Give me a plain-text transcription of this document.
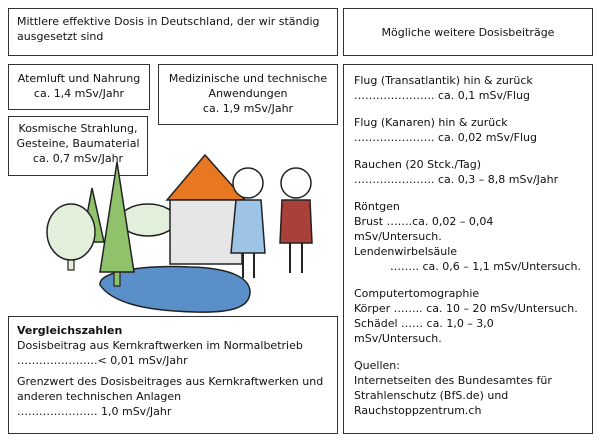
Mittlere effektive Dosis in Deutschland, der wir ständig ausgesetzt sind	Mögliche weitere Dosisbeiträge
Atemluft und Nahrung
ca. 1,4 mSv/Jahr
Medizinische und technische Anwendungen
ca. 1,9 mSv/Jahr
Kosmische Strahlung,
Gesteine, Baumaterial
ca. 0,7 mSv/Jahr

Flug (Transatlantik) hin & zurück

…………………. ca. 0,1 mSv/Flug

Flug (Kanaren) hin & zurück

…………………. ca. 0,02 mSv/Flug

Rauchen (20 Stck./Tag)

…………………. ca. 0,3 – 8,8 mSv/Jahr

Röntgen

Brust …….ca. 0,02 – 0,04 mSv/Untersuch.

Lendenwirbelsäule

…….. ca. 0,6 – 1,1 mSv/Untersuch.

Computertomographie

Körper …….. ca. 10 – 20 mSv/Untersuch.

Schädel …… ca. 1,0 – 3,0 mSv/Untersuch.

Quellen:

Internetseiten des Bundesamtes für

Strahlenschutz (BfS.de) und

Rauchstoppzentrum.ch

Vergleichszahlen

Dosisbeitrag aus Kernkraftwerken im Normalbetrieb

………………….< 0,01 mSv/Jahr

Grenzwert des Dosisbeitrages aus Kernkraftwerken und anderen technischen Anlagen

…………………. 1,0 mSv/Jahr
